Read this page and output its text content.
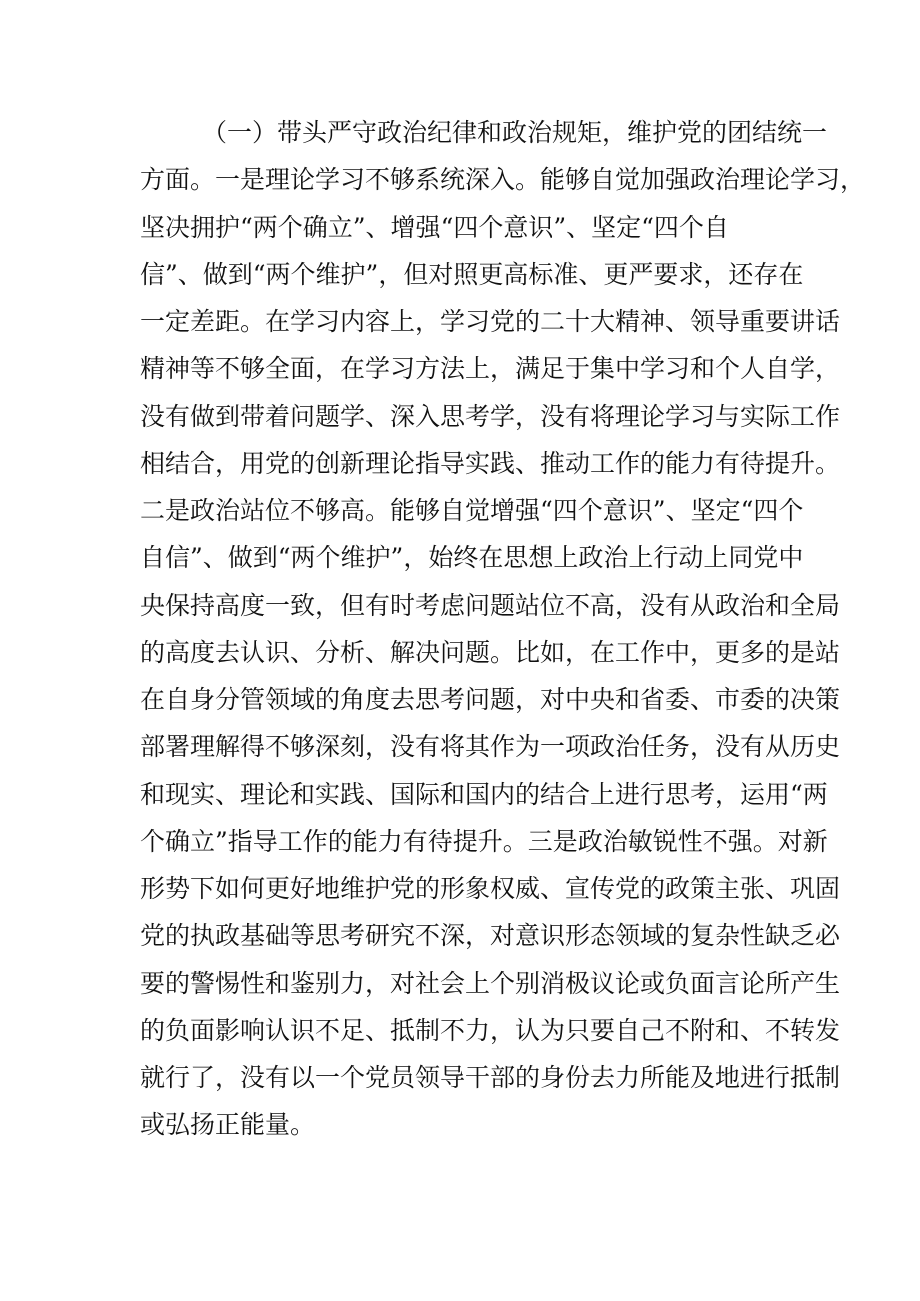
（一）带头严守政治纪律和政治规矩，维护党的团结统一
方面。一是理论学习不够系统深入。能够自觉加强政治理论学习，
坚决拥护“两个确立”、增强“四个意识”、坚定“四个自
信”、做到“两个维护”，但对照更高标准、更严要求，还存在
一定差距。在学习内容上，学习党的二十大精神、领导重要讲话
精神等不够全面，在学习方法上，满足于集中学习和个人自学，
没有做到带着问题学、深入思考学，没有将理论学习与实际工作
相结合，用党的创新理论指导实践、推动工作的能力有待提升。
二是政治站位不够高。能够自觉增强“四个意识”、坚定“四个
自信”、做到“两个维护”，始终在思想上政治上行动上同党中
央保持高度一致，但有时考虑问题站位不高，没有从政治和全局
的高度去认识、分析、解决问题。比如，在工作中，更多的是站
在自身分管领域的角度去思考问题，对中央和省委、市委的决策
部署理解得不够深刻，没有将其作为一项政治任务，没有从历史
和现实、理论和实践、国际和国内的结合上进行思考，运用“两
个确立”指导工作的能力有待提升。三是政治敏锐性不强。对新
形势下如何更好地维护党的形象权威、宣传党的政策主张、巩固
党的执政基础等思考研究不深，对意识形态领域的复杂性缺乏必
要的警惕性和鉴别力，对社会上个别消极议论或负面言论所产生
的负面影响认识不足、抵制不力，认为只要自己不附和、不转发
就行了，没有以一个党员领导干部的身份去力所能及地进行抵制
或弘扬正能量。
